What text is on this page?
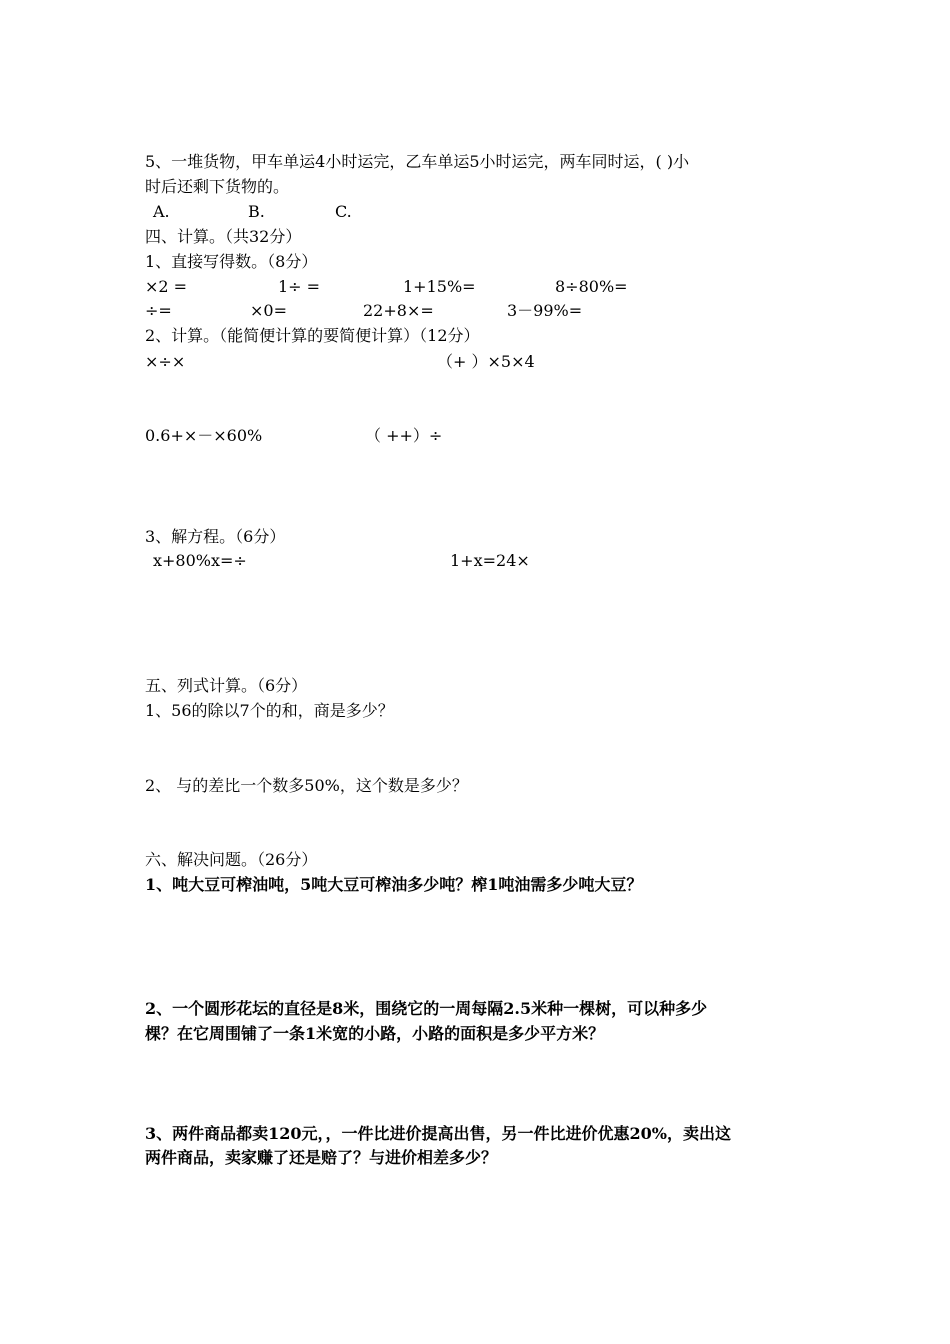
5、一堆货物，甲车单运4小时运完，乙车单运5小时运完，两车同时运，( )小
时后还剩下货物的。
A.	B.	C.
四、计算。（共32分）
1、直接写得数。（8分）
×2 =	1÷ =	1+15%=	8÷80%=
÷=	×0=	22+8×=	3－99%=
2、计算。（能简便计算的要简便计算）（12分）
×÷×	（+ ）×5×4
0.6+×－×60%	（ ++）÷
3、解方程。（6分）
x+80%x=÷	1+x=24×
五、列式计算。（6分）
1、56的除以7个的和，商是多少？
2、 与的差比一个数多50%，这个数是多少？
六、解决问题。（26分）
1、吨大豆可榨油吨，5吨大豆可榨油多少吨？榨1吨油需多少吨大豆？
2、一个圆形花坛的直径是8米，围绕它的一周每隔2.5米种一棵树，可以种多少
棵？在它周围铺了一条1米宽的小路，小路的面积是多少平方米？
3、两件商品都卖120元，，一件比进价提高出售，另一件比进价优惠20%，卖出这
两件商品，卖家赚了还是赔了？与进价相差多少？
